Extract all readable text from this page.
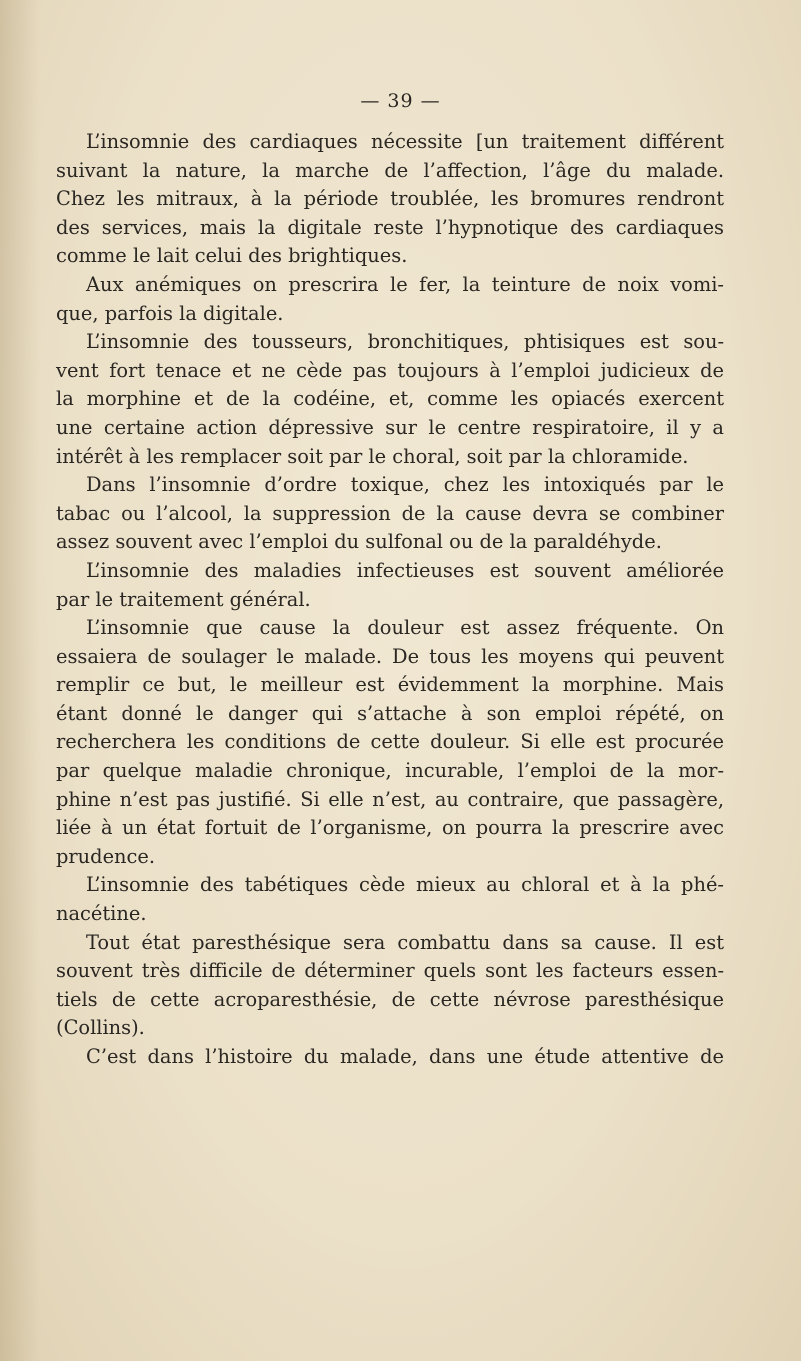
— 39 —
L’insomnie des cardiaques nécessite [un traitement différent
suivant la nature, la marche de l’affection, l’âge du malade.
Chez les mitraux, à la période troublée, les bromures rendront
des services, mais la digitale reste l’hypnotique des cardiaques
comme le lait celui des brightiques.
Aux anémiques on prescrira le fer, la teinture de noix vomi-
que, parfois la digitale.
L’insomnie des tousseurs, bronchitiques, phtisiques est sou-
vent fort tenace et ne cède pas toujours à l’emploi judicieux de
la morphine et de la codéine, et, comme les opiacés exercent
une certaine action dépressive sur le centre respiratoire, il y a
intérêt à les remplacer soit par le choral, soit par la chloramide.
Dans l’insomnie d’ordre toxique, chez les intoxiqués par le
tabac ou l’alcool, la suppression de la cause devra se combiner
assez souvent avec l’emploi du sulfonal ou de la paraldéhyde.
L’insomnie des maladies infectieuses est souvent améliorée
par le traitement général.
L’insomnie que cause la douleur est assez fréquente. On
essaiera de soulager le malade. De tous les moyens qui peuvent
remplir ce but, le meilleur est évidemment la morphine. Mais
étant donné le danger qui s’attache à son emploi répété, on
recherchera les conditions de cette douleur. Si elle est procurée
par quelque maladie chronique, incurable, l’emploi de la mor-
phine n’est pas justifié. Si elle n’est, au contraire, que passagère,
liée à un état fortuit de l’organisme, on pourra la prescrire avec
prudence.
L’insomnie des tabétiques cède mieux au chloral et à la phé-
nacétine.
Tout état paresthésique sera combattu dans sa cause. Il est
souvent très difficile de déterminer quels sont les facteurs essen-
tiels de cette acroparesthésie, de cette névrose paresthésique
(Collins).
C’est dans l’histoire du malade, dans une étude attentive de
